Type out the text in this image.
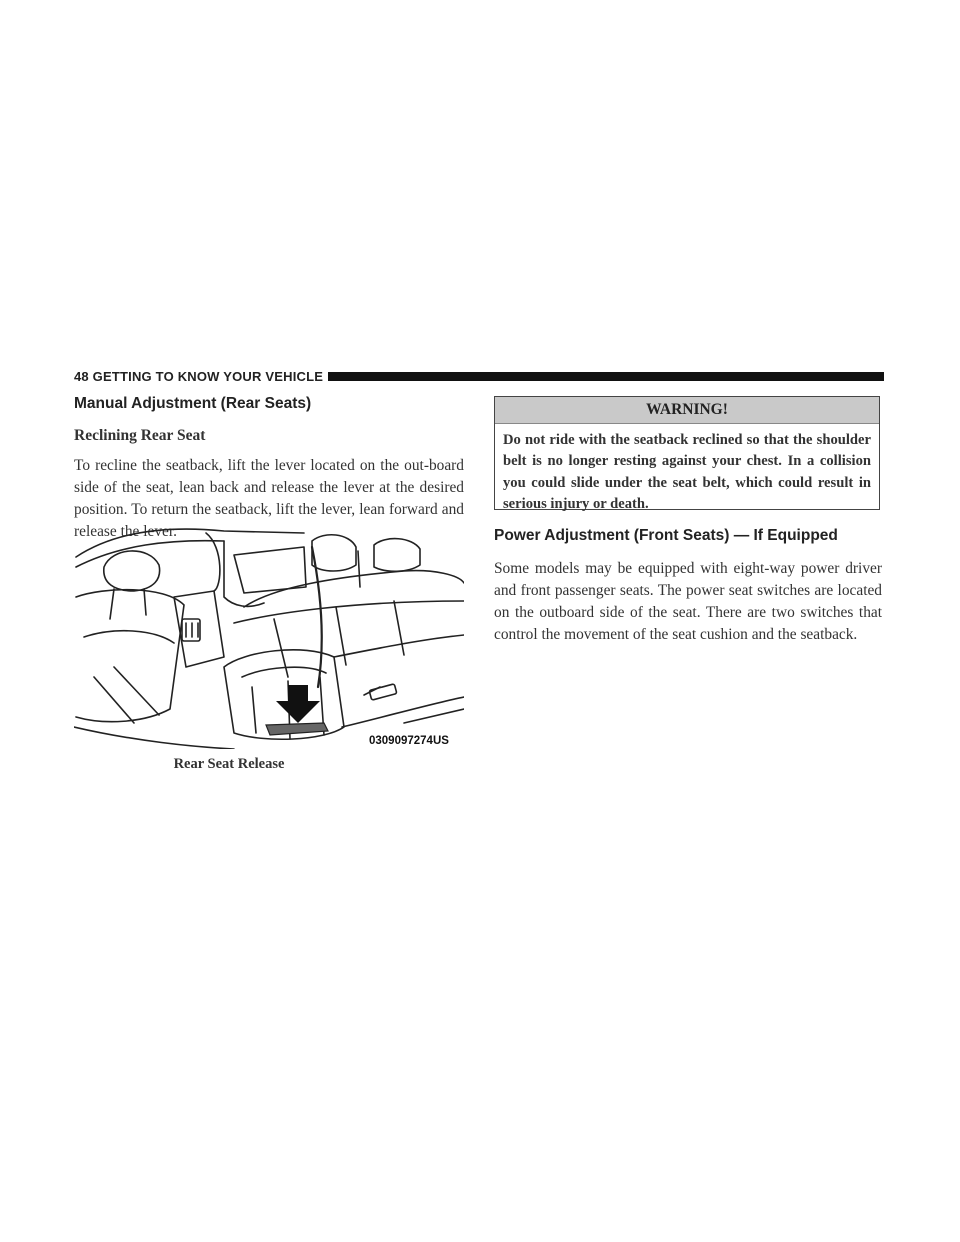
48 GETTING TO KNOW YOUR VEHICLE
Manual Adjustment (Rear Seats)
Reclining Rear Seat

To recline the seatback, lift the lever located on the out-board side of the seat, lean back and release the lever at the desired position. To return the seatback, lift the lever, lean forward and release the lever.

0309097274US
Rear Seat Release
WARNING!
Do not ride with the seatback reclined so that the shoulder belt is no longer resting against your chest. In a collision you could slide under the seat belt, which could result in serious injury or death.
Power Adjustment (Front Seats) — If Equipped

Some models may be equipped with eight-way power driver and front passenger seats. The power seat switches are located on the outboard side of the seat. There are two switches that control the movement of the seat cushion and the seatback.
